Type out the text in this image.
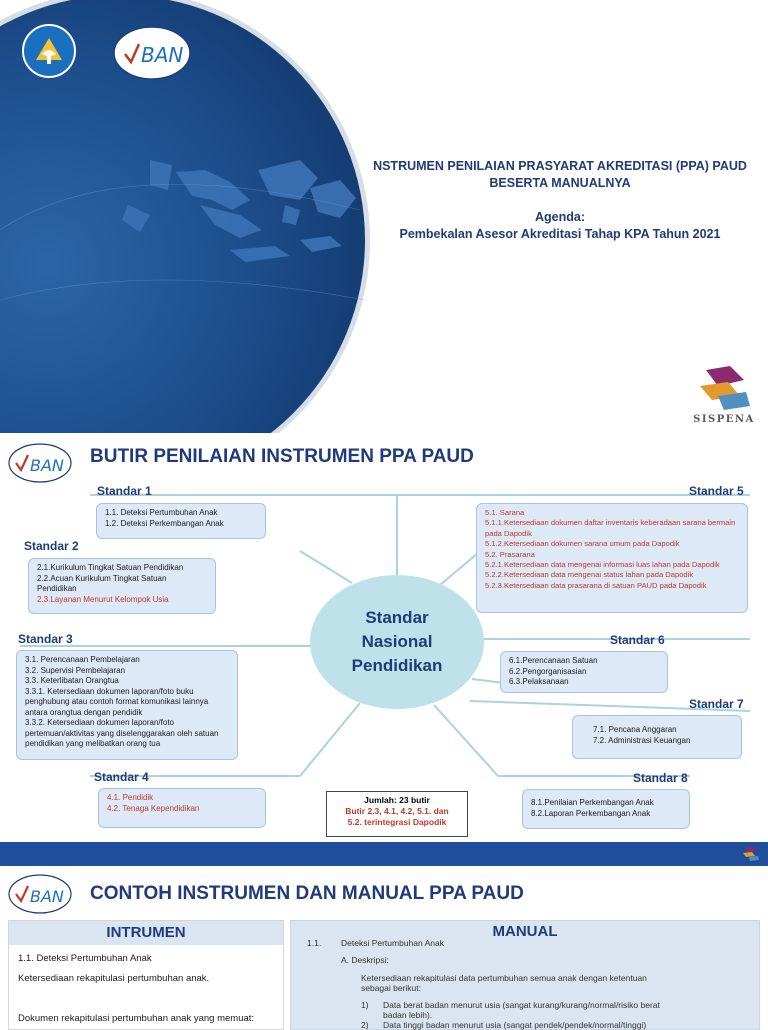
BAN
NSTRUMEN PENILAIAN PRASYARAT AKREDITASI (PPA) PAUD
BESERTA MANUALNYA
Agenda:
Pembekalan Asesor Akreditasi Tahap KPA Tahun 2021
SISPENA
BAN BUTIR PENILAIAN INSTRUMEN PPA PAUD
Standar
Nasional
Pendidikan
Standar 1
1.1. Deteksi Pertumbuhan Anak
1.2. Deteksi Perkembangan Anak
Standar 2
2.1.Kurikulum Tingkat Satuan Pendidikan
2.2.Acuan Kurikulum Tingkat Satuan Pendidikan
2.3.Layanan Menurut Kelompok Usia
Standar 3
3.1. Perencanaan Pembelajaran
3.2. Supervisi Pembelajaran
3.3. Keterlibatan Orangtua
3.3.1. Ketersediaan dokumen laporan/foto buku penghubung atau contoh format komunikasi lainnya antara orangtua dengan pendidik
3.3.2. Ketersediaan dokumen laporan/foto pertemuan/aktivitas yang diselenggarakan oleh satuan pendidikan yang melibatkan orang tua
Standar 4
4.1. Pendidik
4.2. Tenaga Kependidikan
Standar 5
5.1. Sarana
5.1.1.Ketersediaan dokumen daftar inventaris keberadaan sarana bermain pada Dapodik
5.1.2.Ketersediaan dokumen sarana umum pada Dapodik
5.2. Prasarana
5.2.1.Ketersediaan data mengenai informasi luas lahan pada Dapodik
5.2.2.Ketersediaan data mengenai status lahan pada Dapodik
5.2.3.Ketersediaan data prasarana di satuan PAUD pada Dapodik
Standar 6
6.1.Perencanaan Satuan
6.2.Pengorganisasian
6.3.Pelaksanaan
Standar 7
7.1. Pencana Anggaran
7.2. Administrasi Keuangan
Standar 8
8.1.Penilaian Perkembangan Anak
8.2.Laporan Perkembangan Anak
Jumlah: 23 butir
Butir 2.3, 4.1, 4.2, 5.1. dan
5.2. terintegrasi Dapodik
BAN CONTOH INSTRUMEN DAN MANUAL PPA PAUD
INTRUMEN
1.1. Deteksi Pertumbuhan Anak
Ketersediaan rekapitulasi pertumbuhan anak.
Dokumen rekapitulasi pertumbuhan anak yang memuat:
MANUAL
1.1. Deteksi Pertumbuhan Anak
A. Deskripsi:
Ketersediaan rekapitulasi data pertumbuhan semua anak dengan ketentuan
sebagai berikut:
1) Data berat badan menurut usia (sangat kurang/kurang/normal/risiko berat
badan lebih).
2) Data tinggi badan menurut usia (sangat pendek/pendek/normal/tinggi)
